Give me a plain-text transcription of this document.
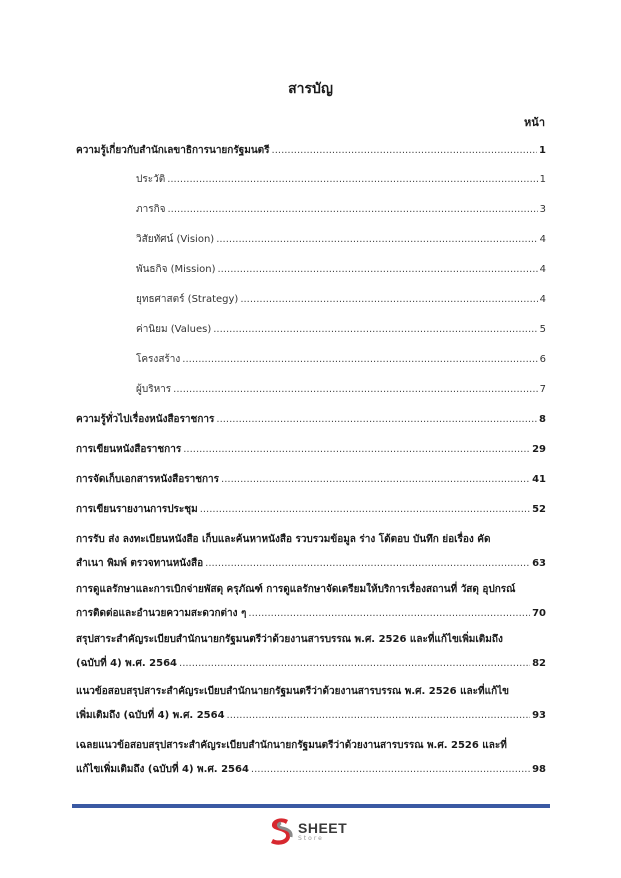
สารบัญ
หน้า
ความรู้เกี่ยวกับสำนักเลขาธิการนายกรัฐมนตรี .....	1
ประวัติ .....	1
ภารกิจ .....	3
วิสัยทัศน์ (Vision) .....	4
พันธกิจ (Mission) .....	4
ยุทธศาสตร์ (Strategy) .....	4
ค่านิยม (Values) .....	5
โครงสร้าง .....	6
ผู้บริหาร .....	7
ความรู้ทั่วไปเรื่องหนังสือราชการ .....	8
การเขียนหนังสือราชการ .....	29
การจัดเก็บเอกสารหนังสือราชการ .....	41
การเขียนรายงานการประชุม .....	52
การรับ ส่ง ลงทะเบียนหนังสือ เก็บและค้นหาหนังสือ รวบรวมข้อมูล ร่าง โต้ตอบ บันทึก ย่อเรื่อง คัด
สำเนา พิมพ์ ตรวจทานหนังสือ .....	63
การดูแลรักษาและการเบิกจ่ายพัสดุ ครุภัณฑ์ การดูแลรักษาจัดเตรียมให้บริการเรื่องสถานที่ วัสดุ อุปกรณ์
การติดต่อและอำนวยความสะดวกต่าง ๆ .....	70
สรุปสาระสำคัญระเบียบสำนักนายกรัฐมนตรีว่าด้วยงานสารบรรณ พ.ศ. 2526 และที่แก้ไขเพิ่มเติมถึง
(ฉบับที่ 4) พ.ศ. 2564 .....	82
แนวข้อสอบสรุปสาระสำคัญระเบียบสำนักนายกรัฐมนตรีว่าด้วยงานสารบรรณ พ.ศ. 2526 และที่แก้ไข
เพิ่มเติมถึง (ฉบับที่ 4) พ.ศ. 2564 .....	93
เฉลยแนวข้อสอบสรุปสาระสำคัญระเบียบสำนักนายกรัฐมนตรีว่าด้วยงานสารบรรณ พ.ศ. 2526 และที่
แก้ไขเพิ่มเติมถึง (ฉบับที่ 4) พ.ศ. 2564 .....	98
SHEET
Store
